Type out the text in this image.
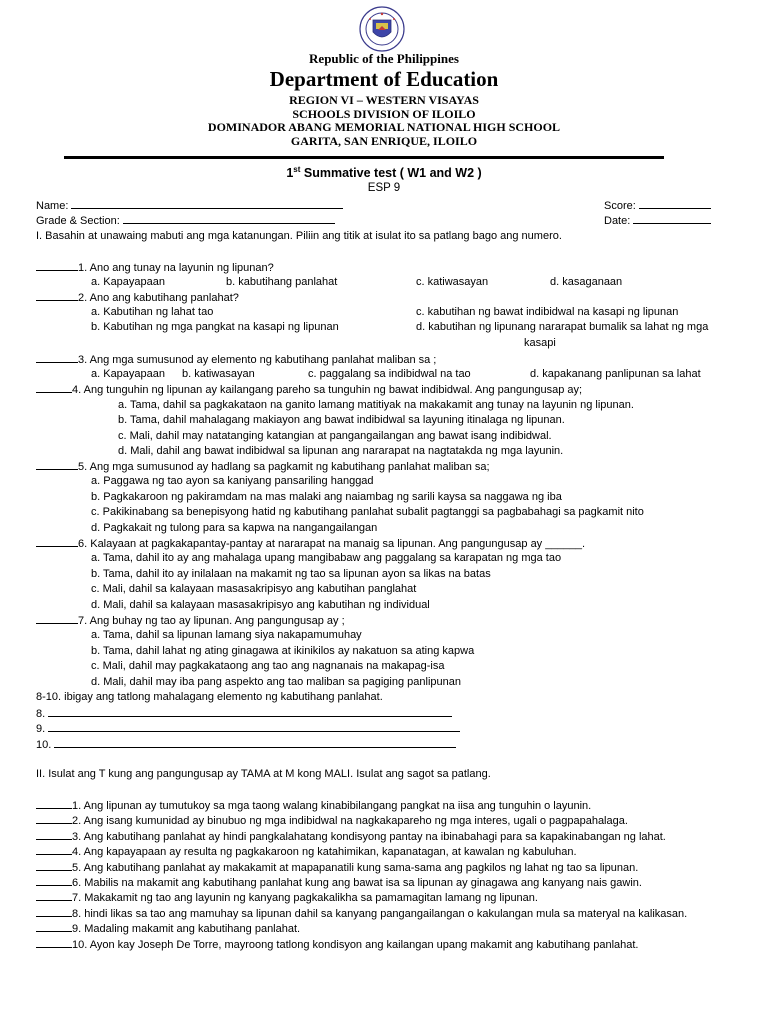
Republic of the Philippines
Department of Education
REGION VI – WESTERN VISAYAS
SCHOOLS DIVISION OF ILOILO
DOMINADOR ABANG MEMORIAL NATIONAL HIGH SCHOOL
GARITA, SAN ENRIQUE, ILOILO
1st Summative test ( W1 and W2 )
ESP 9
Name:	Score:
Grade & Section:	Date:
I. Basahin at unawaing mabuti ang mga katanungan. Piliin ang titik at isulat ito sa patlang bago ang numero.
1. Ano ang tunay na layunin ng lipunan?
a. Kapayapaan	b. kabutihang panlahat	c. katiwasayan	d. kasaganaan
2. Ano ang kabutihang panlahat?
a. Kabutihan ng lahat tao	c. kabutihan ng bawat indibidwal na kasapi ng lipunan
b. Kabutihan ng mga pangkat na kasapi ng lipunan	d. kabutihan ng lipunang nararapat bumalik sa lahat ng mga
kasapi
3. Ang mga sumusunod ay elemento ng kabutihang panlahat maliban sa ;
a. Kapayapaan b. katiwasayan	c. paggalang sa indibidwal na tao	d. kapakanang panlipunan sa lahat
4. Ang tunguhin ng lipunan ay kailangang pareho sa tunguhin ng bawat indibidwal. Ang pangungusap ay;
a. Tama, dahil sa pagkakataon na ganito lamang matitiyak na makakamit ang tunay na layunin ng lipunan.
b. Tama, dahil mahalagang makiayon ang bawat indibidwal sa layuning itinalaga ng lipunan.
c. Mali, dahil may natatanging katangian at pangangailangan ang bawat isang indibidwal.
d. Mali, dahil ang bawat indibidwal sa lipunan ang nararapat na nagtatakda ng mga layunin.
5. Ang mga sumusunod ay hadlang sa pagkamit ng kabutihang panlahat maliban sa;
a. Paggawa ng tao ayon sa kaniyang pansariling hanggad
b. Pagkakaroon ng pakiramdam na mas malaki ang naiambag ng sarili kaysa sa naggawa ng iba
c. Pakikinabang sa benepisyong hatid ng kabutihang panlahat subalit pagtanggi sa pagbabahagi sa pagkamit nito
d. Pagkakait ng tulong para sa kapwa na nangangailangan
6. Kalayaan at pagkakapantay-pantay at nararapat na manaig sa lipunan. Ang pangungusap ay ______.
a. Tama, dahil ito ay ang mahalaga upang mangibabaw ang paggalang sa karapatan ng mga tao
b. Tama, dahil ito ay inilalaan na makamit ng tao sa lipunan ayon sa likas na batas
c. Mali, dahil sa kalayaan masasakripisyo ang kabutihan panglahat
d. Mali, dahil sa kalayaan masasakripisyo ang kabutihan ng individual
7. Ang buhay ng tao ay lipunan. Ang pangungusap ay ;
a. Tama, dahil sa lipunan lamang siya nakapamumuhay
b. Tama, dahil lahat ng ating ginagawa at ikinikilos ay nakatuon sa ating kapwa
c. Mali, dahil may pagkakataong ang tao ang nagnanais na makapag-isa
d. Mali, dahil may iba pang aspekto ang tao maliban sa pagiging panlipunan
8-10. ibigay ang tatlong mahalagang elemento ng kabutihang panlahat.
8.
9.
10.
II. Isulat ang T kung ang pangungusap ay TAMA at M kong MALI. Isulat ang sagot sa patlang.
1. Ang lipunan ay tumutukoy sa mga taong walang kinabibilangang pangkat na iisa ang tunguhin o layunin.
2. Ang isang kumunidad ay binubuo ng mga indibidwal na nagkakapareho ng mga interes, ugali o pagpapahalaga.
3. Ang kabutihang panlahat ay hindi pangkalahatang kondisyong pantay na ibinabahagi para sa kapakinabangan ng lahat.
4. Ang kapayapaan ay resulta ng pagkakaroon ng katahimikan, kapanatagan, at kawalan ng kabuluhan.
5. Ang kabutihang panlahat ay makakamit at mapapanatili kung sama-sama ang pagkilos ng lahat ng tao sa lipunan.
6. Mabilis na makamit ang kabutihang panlahat kung ang bawat isa sa lipunan ay ginagawa ang kanyang nais gawin.
7. Makakamit ng tao ang layunin ng kanyang pagkakalikha sa pamamagitan lamang ng lipunan.
8. hindi likas sa tao ang mamuhay sa lipunan dahil sa kanyang pangangailangan o kakulangan mula sa materyal na kalikasan.
9. Madaling makamit ang kabutihang panlahat.
10. Ayon kay Joseph De Torre, mayroong tatlong kondisyon ang kailangan upang makamit ang kabutihang panlahat.
